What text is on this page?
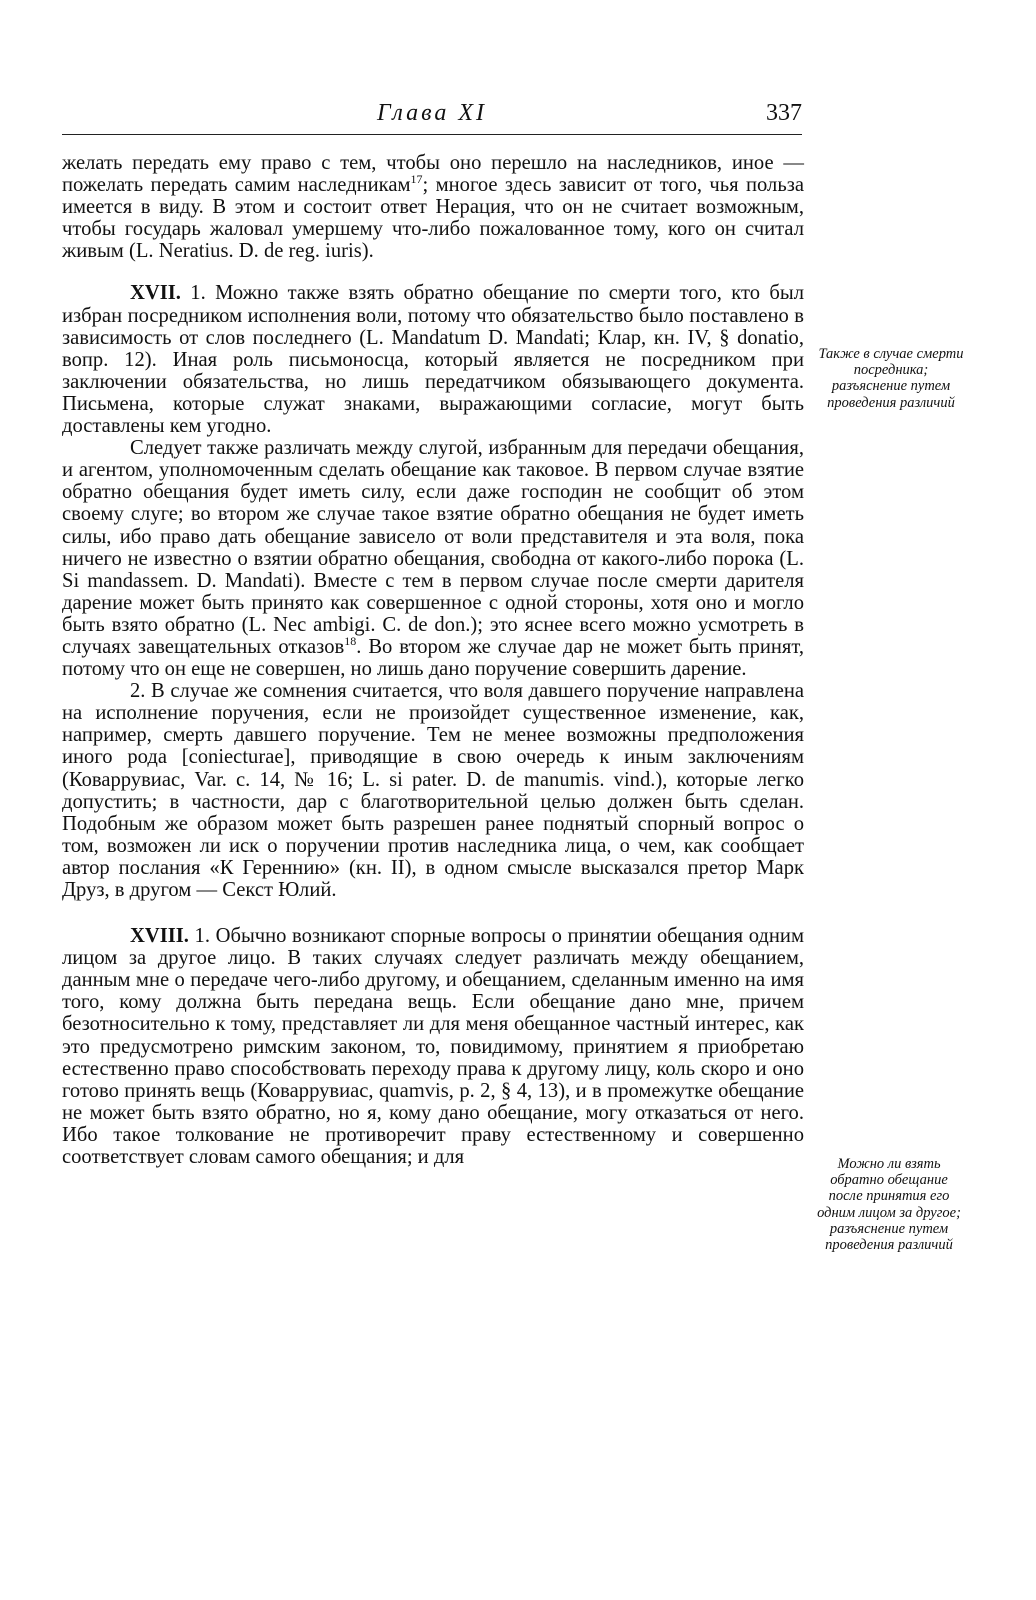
Глава XI	337

желать передать ему право с тем, чтобы оно перешло на наследников, иное — пожелать передать самим наследникам$^{17}$; многое здесь зависит от того, чья польза имеется в виду. В этом и состоит ответ Нерация, что он не считает возможным, чтобы государь жаловал умершему что-либо пожалованное тому, кого он считал живым (L. Neratius. D. de reg. iuris).

XVII. 1. Можно также взять обратно обещание по смерти того, кто был избран посредником исполнения воли, потому что обязательство было поставлено в зависимость от слов последнего (L. Mandatum D. Mandati; Клар, кн. IV, § donatio, вопр. 12). Иная роль письмоносца, который является не посредником при заключении обязательства, но лишь передатчиком обязывающего документа. Письмена, которые служат знаками, выражающими согласие, могут быть доставлены кем угодно.

Следует также различать между слугой, избранным для передачи обещания, и агентом, уполномоченным сделать обещание как таковое. В первом случае взятие обратно обещания будет иметь силу, если даже господин не сообщит об этом своему слуге; во втором же случае такое взятие обратно обещания не будет иметь силы, ибо право дать обещание зависело от воли представителя и эта воля, пока ничего не известно о взятии обратно обещания, свободна от какого-либо порока (L. Si mandassem. D. Mandati). Вместе с тем в первом случае после смерти дарителя дарение может быть принято как совершенное с одной стороны, хотя оно и могло быть взято обратно (L. Nec ambigi. C. de don.); это яснее всего можно усмотреть в случаях завещательных отказов$^{18}$. Во втором же случае дар не может быть принят, потому что он еще не совершен, но лишь дано поручение совершить дарение.

2. В случае же сомнения считается, что воля давшего поручение направлена на исполнение поручения, если не произойдет существенное изменение, как, например, смерть давшего поручение. Тем не менее возможны предположения иного рода [coniecturae], приводящие в свою очередь к иным заключениям (Коваррувиас, Var. c. 14, № 16; L. si pater. D. de manumis. vind.), которые легко допустить; в частности, дар с благотворительной целью должен быть сделан. Подобным же образом может быть разрешен ранее поднятый спорный вопрос о том, возможен ли иск о поручении против наследника лица, о чем, как сообщает автор послания «К Гереннию» (кн. II), в одном смысле высказался претор Марк Друз, в другом — Секст Юлий.

XVIII. 1. Обычно возникают спорные вопросы о принятии обещания одним лицом за другое лицо. В таких случаях следует различать между обещанием, данным мне о передаче чего-либо другому, и обещанием, сделанным именно на имя того, кому должна быть передана вещь. Если обещание дано мне, причем безотносительно к тому, представляет ли для меня обещанное частный интерес, как это предусмотрено римским законом, то, повидимому, принятием я приобретаю естественно право способствовать переходу права к другому лицу, коль скоро и оно готово принять вещь (Коваррувиас, quamvis, p. 2, § 4, 13), и в промежутке обещание не может быть взято обратно, но я, кому дано обещание, могу отказаться от него. Ибо такое толкование не противоречит праву естественному и совершенно соответствует словам самого обещания; и для

Также в случае смерти посредника; разъяснение путем проведения различий
Можно ли взять обратно обещание после принятия его одним лицом за другое; разъяснение путем проведения различий
